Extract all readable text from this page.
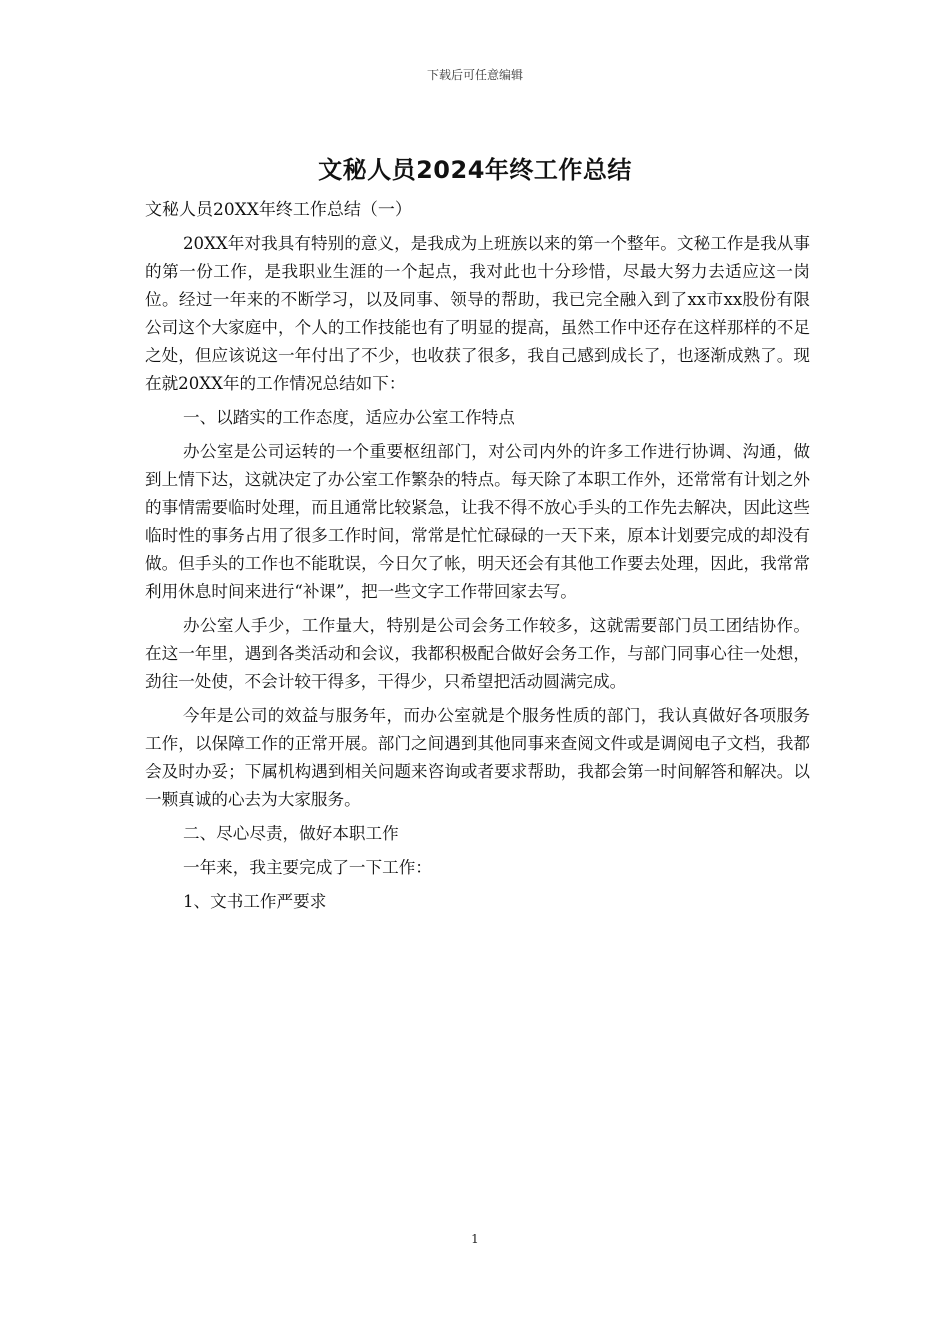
下载后可任意编辑
文秘人员2024年终工作总结
文秘人员20XX年终工作总结（一）
20XX年对我具有特别的意义，是我成为上班族以来的第一个整年。文秘工作是我从事的第一份工作，是我职业生涯的一个起点，我对此也十分珍惜，尽最大努力去适应这一岗位。经过一年来的不断学习，以及同事、领导的帮助，我已完全融入到了xx市xx股份有限公司这个大家庭中，个人的工作技能也有了明显的提高，虽然工作中还存在这样那样的不足之处，但应该说这一年付出了不少，也收获了很多，我自己感到成长了，也逐渐成熟了。现在就20XX年的工作情况总结如下：
一、以踏实的工作态度，适应办公室工作特点
办公室是公司运转的一个重要枢纽部门，对公司内外的许多工作进行协调、沟通，做到上情下达，这就决定了办公室工作繁杂的特点。每天除了本职工作外，还常常有计划之外的事情需要临时处理，而且通常比较紧急，让我不得不放心手头的工作先去解决，因此这些临时性的事务占用了很多工作时间，常常是忙忙碌碌的一天下来，原本计划要完成的却没有做。但手头的工作也不能耽误，今日欠了帐，明天还会有其他工作要去处理，因此，我常常利用休息时间来进行“补课”，把一些文字工作带回家去写。
办公室人手少，工作量大，特别是公司会务工作较多，这就需要部门员工团结协作。在这一年里，遇到各类活动和会议，我都积极配合做好会务工作，与部门同事心往一处想，劲往一处使，不会计较干得多，干得少，只希望把活动圆满完成。
今年是公司的效益与服务年，而办公室就是个服务性质的部门，我认真做好各项服务工作，以保障工作的正常开展。部门之间遇到其他同事来查阅文件或是调阅电子文档，我都会及时办妥；下属机构遇到相关问题来咨询或者要求帮助，我都会第一时间解答和解决。以一颗真诚的心去为大家服务。
二、尽心尽责，做好本职工作
一年来，我主要完成了一下工作：
1、文书工作严要求
1
